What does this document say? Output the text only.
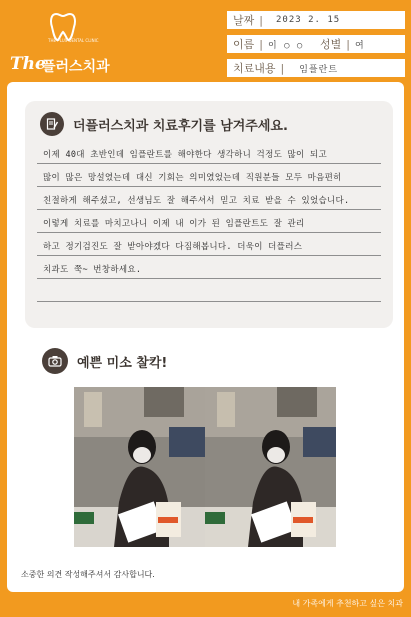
THE PLUS DENTAL CLINIC
The
플러스치과
날짜 |	2023 2. 15
이름 | 이 ○ ○	성별 | 여
치료내용 |	임플란트
더플러스치과 치료후기를 남겨주세요.
이제 40대 초반인데 임플란트를 해야한다 생각하니 걱정도 많이 되고
많이 많은 망설였는데 대신 기회는 의미였었는데 직원분들 모두 마음편히
친절하게 해주셨고, 선생님도 잘 해주셔서 믿고 치료 받을 수 있었습니다.
이렇게 치료를 마치고나니 이제 내 이가 된 임플란트도 잘 관리
하고 정기검진도 잘 받아야겠다 다짐해봅니다. 더욱이 더플러스
치과도 쭉~ 번창하세요.
예쁜 미소 찰칵!
소중한 의견 작성해주셔서 감사합니다.
내 가족에게 추천하고 싶은 치과
